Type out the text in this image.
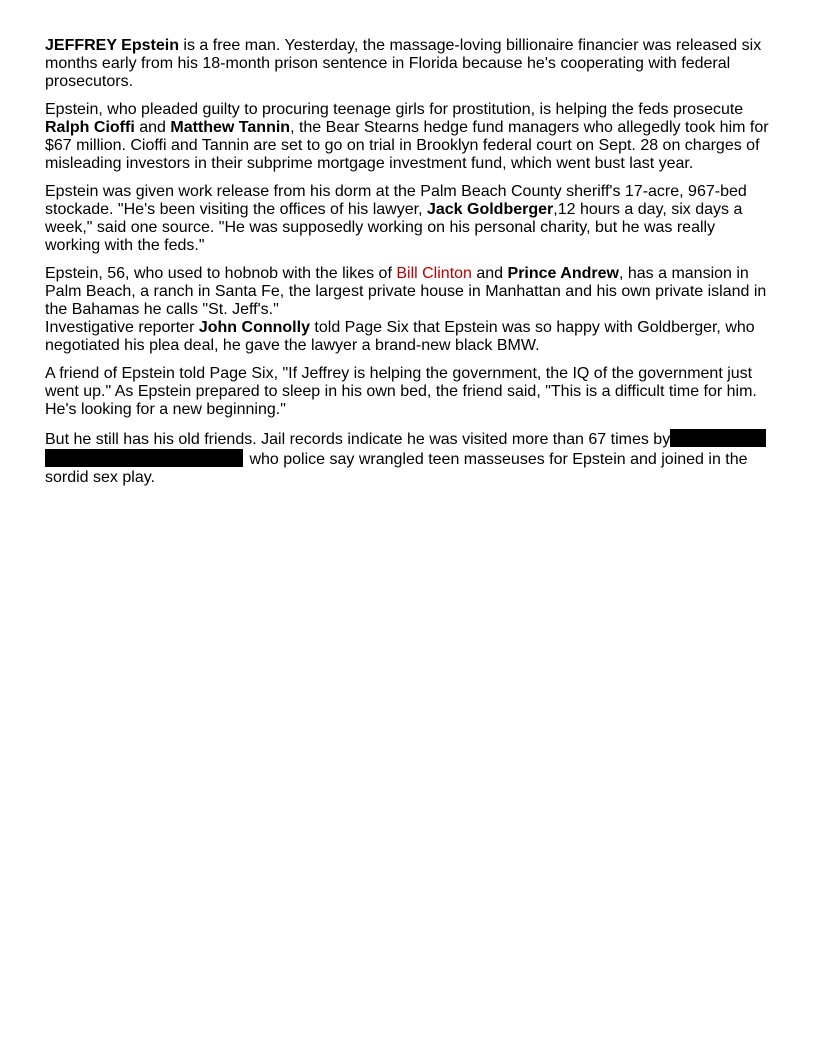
JEFFREY Epstein is a free man. Yesterday, the massage-loving billionaire financier was released six months early from his 18-month prison sentence in Florida because he's cooperating with federal prosecutors.

Epstein, who pleaded guilty to procuring teenage girls for prostitution, is helping the feds prosecute Ralph Cioffi and Matthew Tannin, the Bear Stearns hedge fund managers who allegedly took him for $67 million. Cioffi and Tannin are set to go on trial in Brooklyn federal court on Sept. 28 on charges of misleading investors in their subprime mortgage investment fund, which went bust last year.

Epstein was given work release from his dorm at the Palm Beach County sheriff's 17-acre, 967-bed stockade. "He's been visiting the offices of his lawyer, Jack Goldberger,12 hours a day, six days a week," said one source. "He was supposedly working on his personal charity, but he was really working with the feds."

Epstein, 56, who used to hobnob with the likes of Bill Clinton and Prince Andrew, has a mansion in Palm Beach, a ranch in Santa Fe, the largest private house in Manhattan and his own private island in the Bahamas he calls "St. Jeff's."

Investigative reporter John Connolly told Page Six that Epstein was so happy with Goldberger, who negotiated his plea deal, he gave the lawyer a brand-new black BMW.

A friend of Epstein told Page Six, "If Jeffrey is helping the government, the IQ of the government just went up." As Epstein prepared to sleep in his own bed, the friend said, "This is a difficult time for him. He's looking for a new beginning."

But he still has his old friends. Jail records indicate he was visited more than 67 times by  who police say wrangled teen masseuses for Epstein and joined in the sordid sex play.
